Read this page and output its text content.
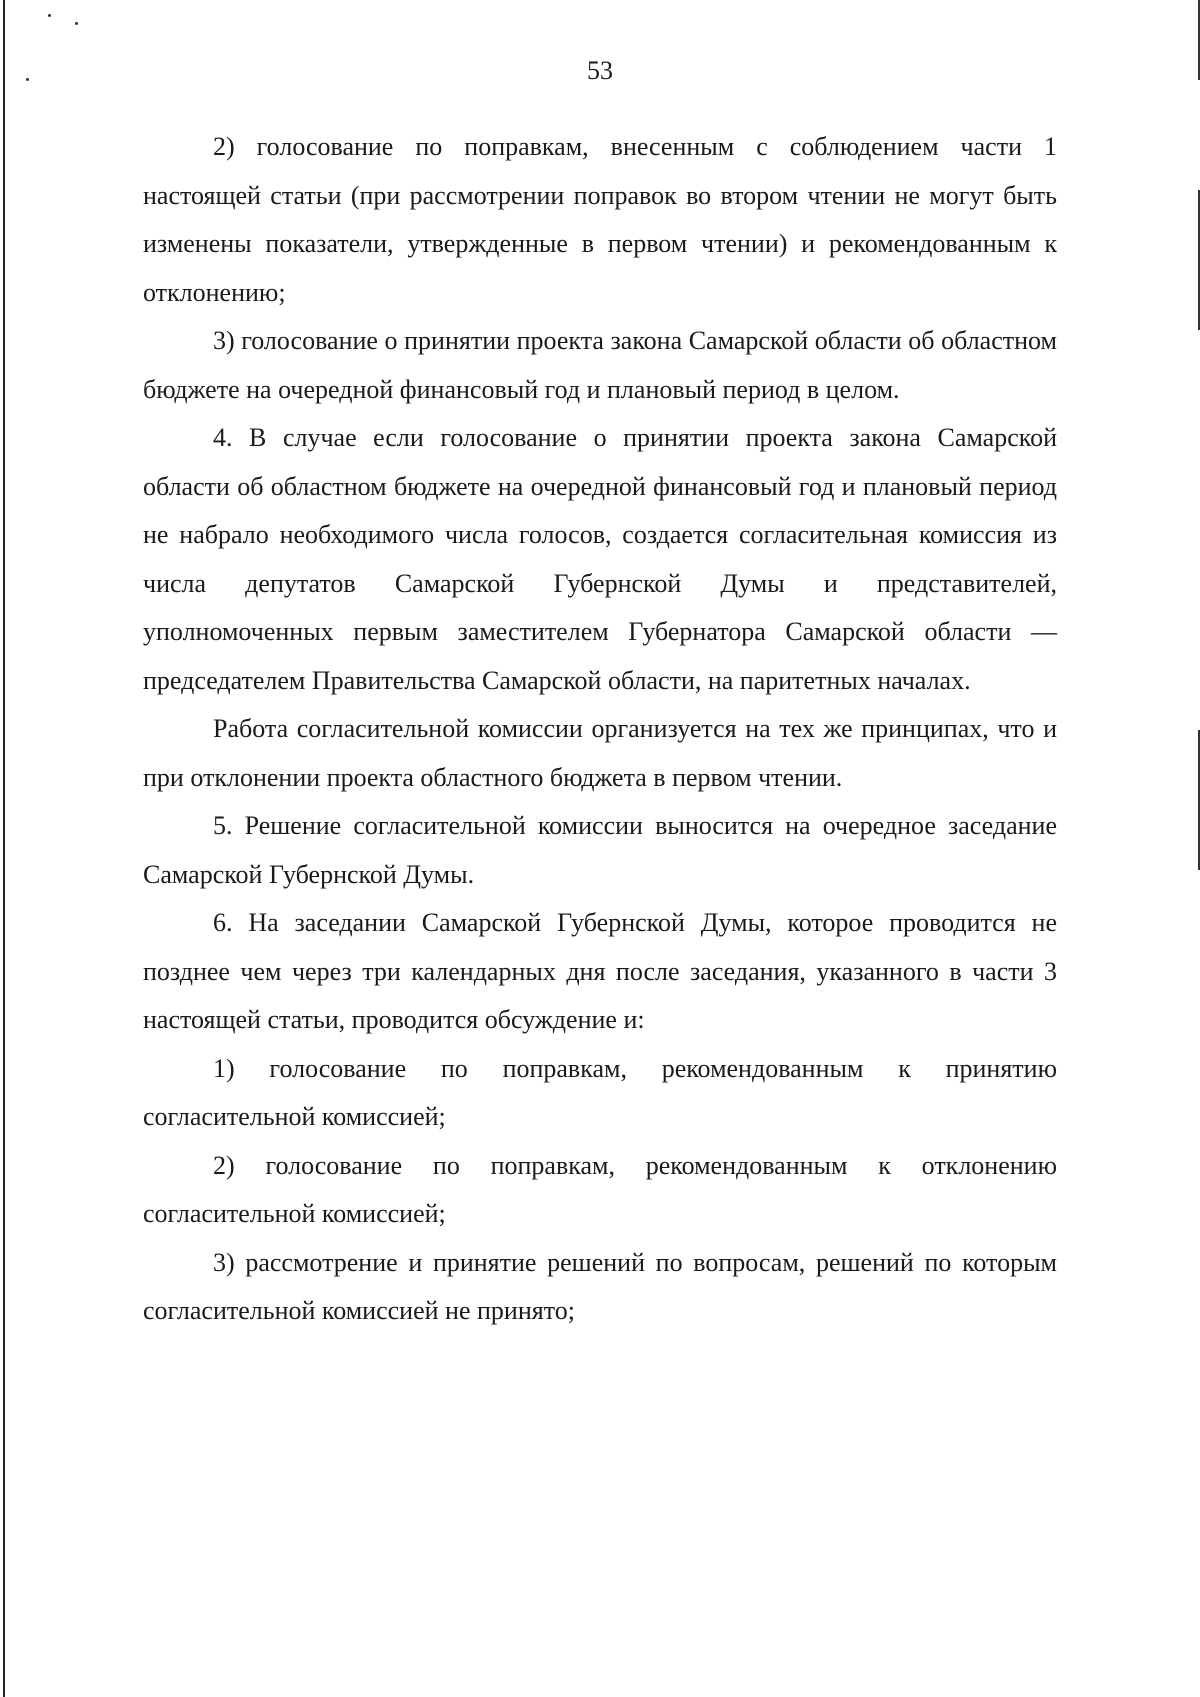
53

2) голосование по поправкам, внесенным с соблюдением части 1 настоящей статьи (при рассмотрении поправок во втором чтении не могут быть изменены показатели, утвержденные в первом чтении) и рекомендованным к отклонению;

3) голосование о принятии проекта закона Самарской области об областном бюджете на очередной финансовый год и плановый период в целом.

4. В случае если голосование о принятии проекта закона Самарской области об областном бюджете на очередной финансовый год и плановый период не набрало необходимого числа голосов, создается согласительная комиссия из числа депутатов Самарской Губернской Думы и представителей, уполномоченных первым заместителем Губернатора Самарской области — председателем Правительства Самарской области, на паритетных началах.

Работа согласительной комиссии организуется на тех же принципах, что и при отклонении проекта областного бюджета в первом чтении.

5. Решение согласительной комиссии выносится на очередное заседание Самарской Губернской Думы.

6. На заседании Самарской Губернской Думы, которое проводится не позднее чем через три календарных дня после заседания, указанного в части 3 настоящей статьи, проводится обсуждение и:

1) голосование по поправкам, рекомендованным к принятию согласительной комиссией;

2) голосование по поправкам, рекомендованным к отклонению согласительной комиссией;

3) рассмотрение и принятие решений по вопросам, решений по которым согласительной комиссией не принято;
